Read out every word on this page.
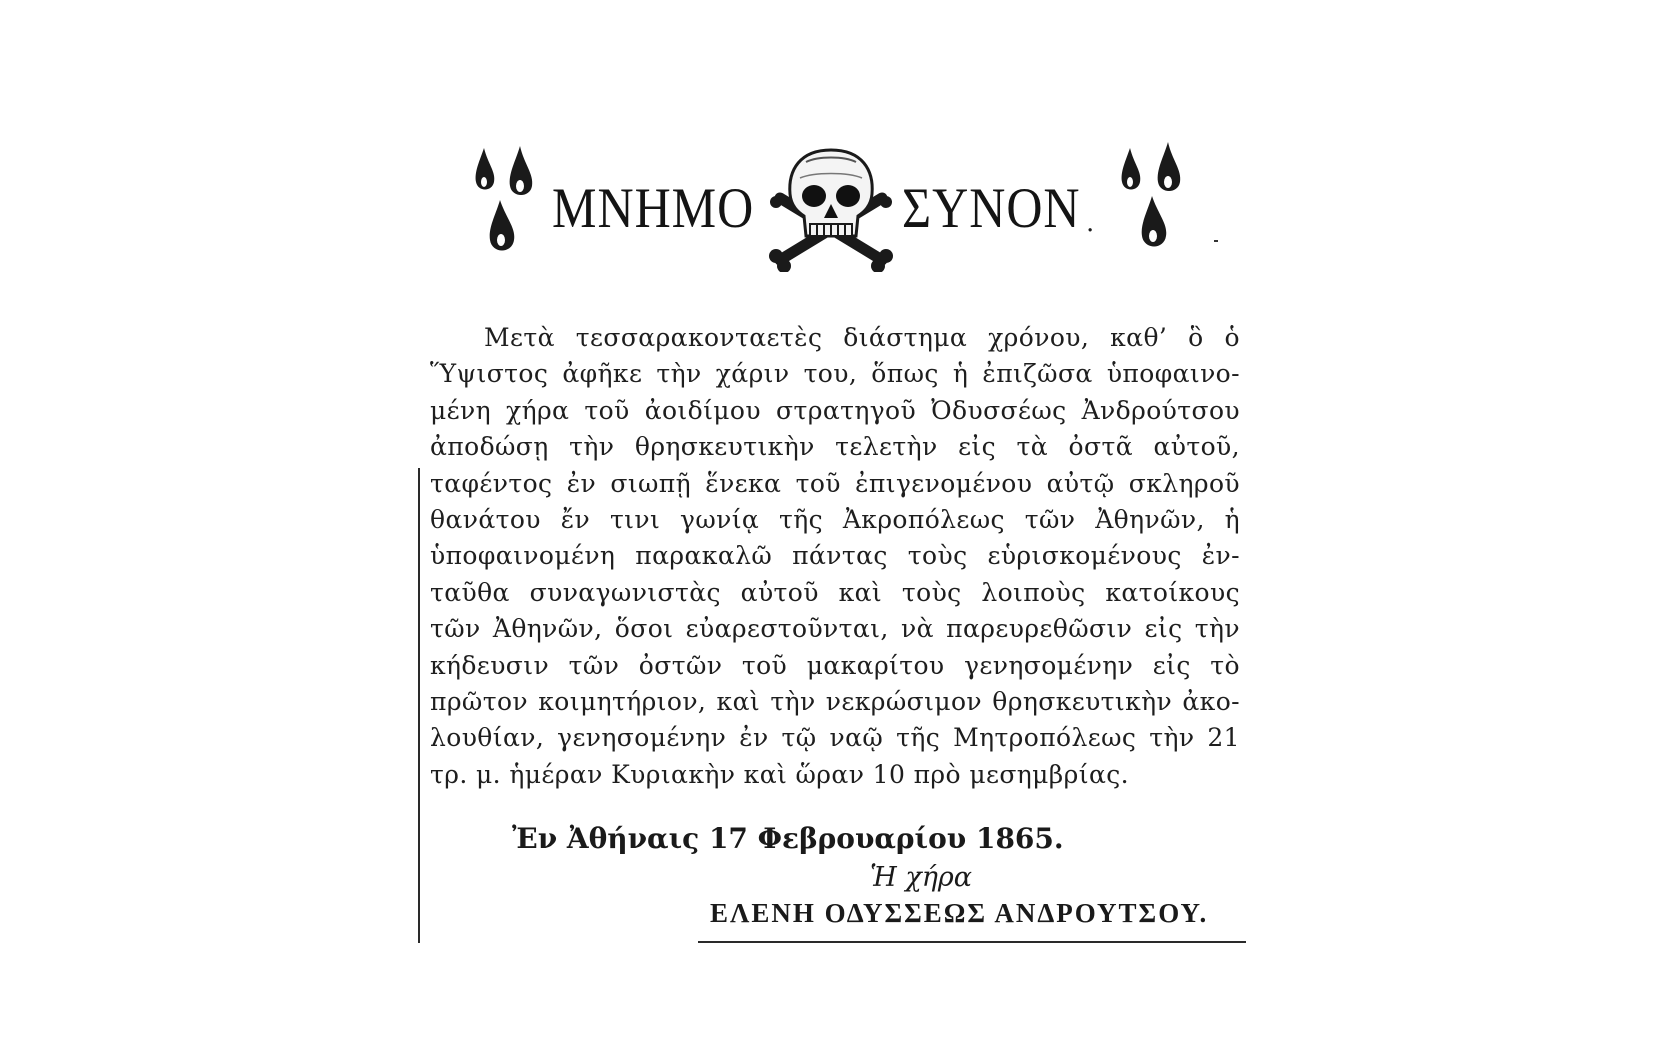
ΜΝΗΜΟ	ΣΥΝΟΝ .
Μετὰ τεσσαρακονταετὲς διάστημα χρόνου, καθ’ ὃ ὁ
Ὕψιστος ἀφῆκε τὴν χάριν του, ὅπως ἡ ἐπιζῶσα ὑποφαινο-
μένη χήρα τοῦ ἀοιδίμου στρατηγοῦ Ὀδυσσέως Ἀνδρούτσου
ἀποδώσῃ τὴν θρησκευτικὴν τελετὴν εἰς τὰ ὀστᾶ αὐτοῦ,
ταφέντος ἐν σιωπῇ ἕνεκα τοῦ ἐπιγενομένου αὐτῷ σκληροῦ
θανάτου ἔν τινι γωνίᾳ τῆς Ἀκροπόλεως τῶν Ἀθηνῶν, ἡ
ὑποφαινομένη παρακαλῶ πάντας τοὺς εὑρισκομένους ἐν-
ταῦθα συναγωνιστὰς αὐτοῦ καὶ τοὺς λοιποὺς κατοίκους
τῶν Ἀθηνῶν, ὅσοι εὐαρεστοῦνται, νὰ παρευρεθῶσιν εἰς τὴν
κήδευσιν τῶν ὀστῶν τοῦ μακαρίτου γενησομένην εἰς τὸ
πρῶτον κοιμητήριον, καὶ τὴν νεκρώσιμον θρησκευτικὴν ἀκο-
λουθίαν, γενησομένην ἐν τῷ ναῷ τῆς Μητροπόλεως τὴν 21
τρ. μ. ἡμέραν Κυριακὴν καὶ ὥραν 10 πρὸ μεσημβρίας.
Ἐν Ἀθήναις 17 Φεβρουαρίου 1865.
Ἡ χήρα
ΕΛΕΝΗ ΟΔΥΣΣΕΩΣ ΑΝΔΡΟΥΤΣΟΥ.
